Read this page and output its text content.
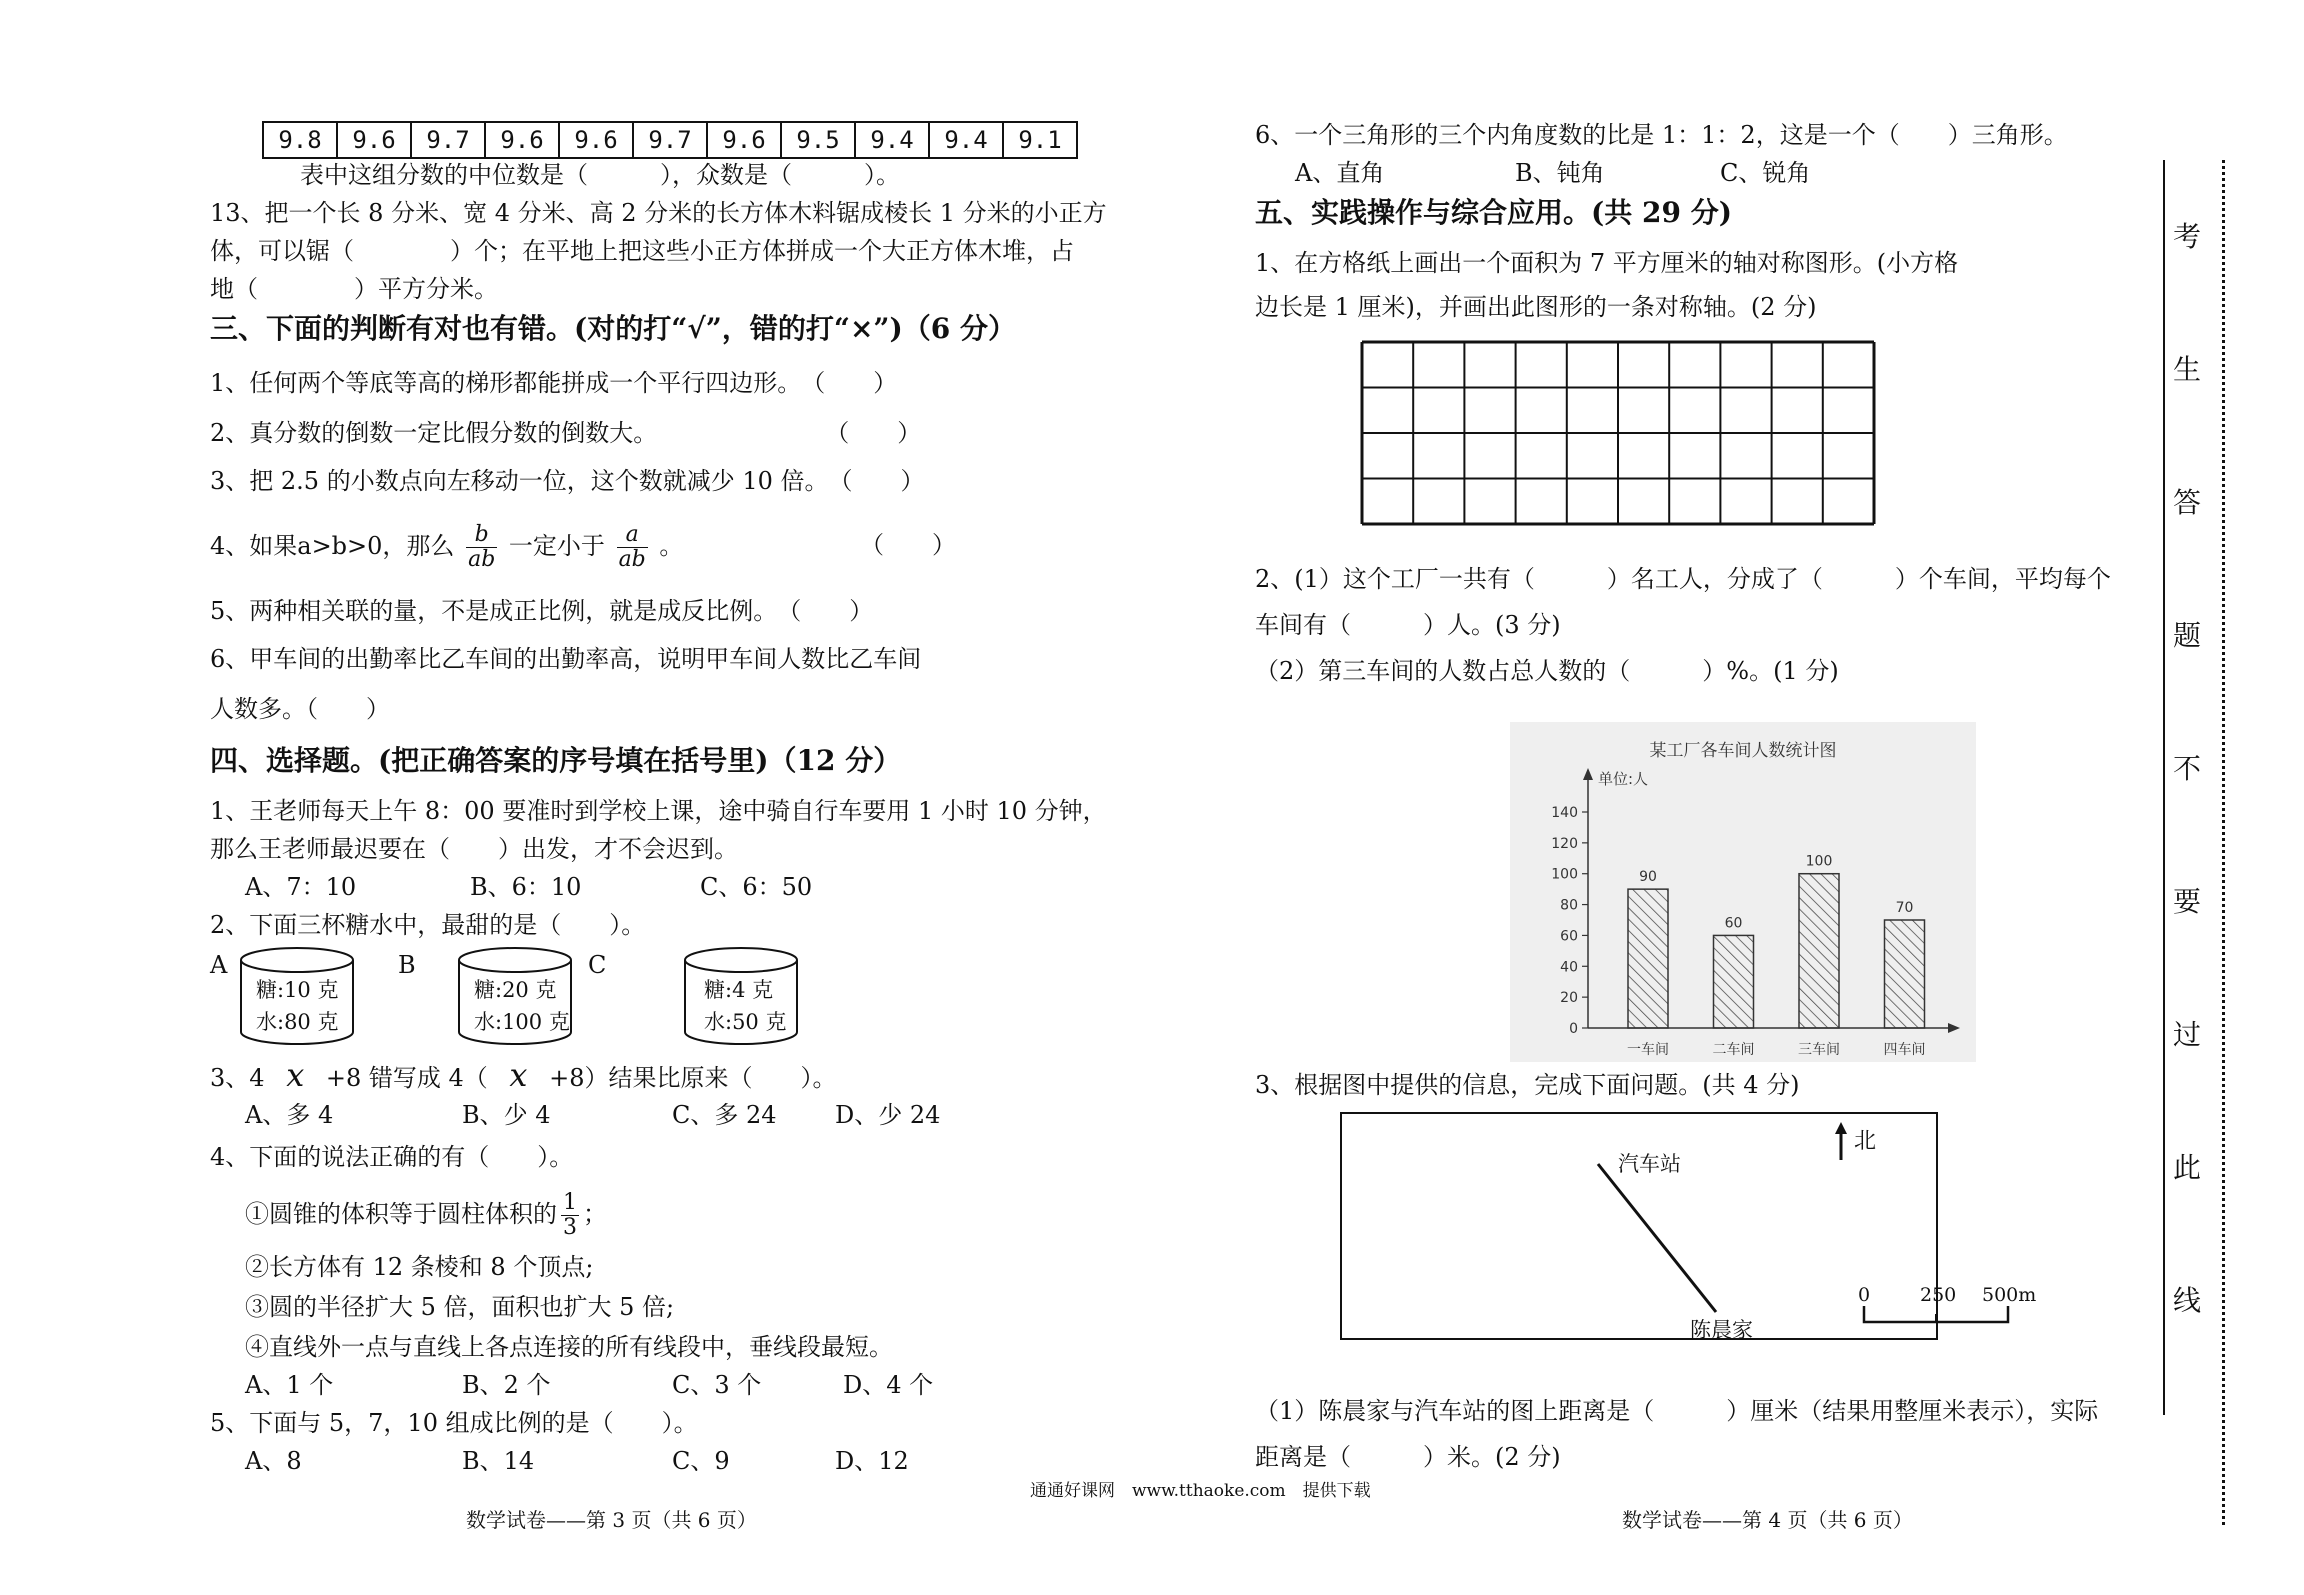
9.8	9.6	9.7	9.6	9.6	9.7	9.6	9.5	9.4	9.4	9.1
表中这组分数的中位数是（　　　），众数是（　　　）。
13、把一个长 8 分米、宽 4 分米、高 2 分米的长方体木料锯成棱长 1 分米的小正方
体，可以锯（　　　　）个；在平地上把这些小正方体拼成一个大正方体木堆，占
地（　　　　）平方分米。
三、下面的判断有对也有错。(对的打“√”，错的打“×”)（6 分）
1、任何两个等底等高的梯形都能拼成一个平行四边形。　（　　）
2、真分数的倒数一定比假分数的倒数大。　　　　　　　　（　　）
3、把 2.5 的小数点向左移动一位，这个数就减少 10 倍。　（　　）
4、如果a>b>0，那么 $\frac{b}{ab}$ 一定小于 $\frac{a}{ab}$ 。	（　　）
5、两种相关联的量，不是成正比例，就是成反比例。　（　　）
6、甲车间的出勤率比乙车间的出勤率高，说明甲车间人数比乙车间
人数多。（　　）
四、选择题。(把正确答案的序号填在括号里)（12 分）
1、王老师每天上午 8：00 要准时到学校上课，途中骑自行车要用 1 小时 10 分钟，
那么王老师最迟要在（　　）出发，才不会迟到。
A、7：10	B、6：10	C、6：50
2、下面三杯糖水中，最甜的是（　　）。
A
糖:10 克
水:80 克
B
糖:20 克
水:100 克
C
糖:4 克
水:50 克
3、4 x +8 错写成 4（ x +8）结果比原来（　　）。
A、多 4	B、少 4	C、多 24 D、少 24
4、下面的说法正确的有（　　）。
①圆锥的体积等于圆柱体积的 $\frac{1}{3}$ ；
②长方体有 12 条棱和 8 个顶点;
③圆的半径扩大 5 倍，面积也扩大 5 倍;
④直线外一点与直线上各点连接的所有线段中，垂线段最短。
A、1 个	B、2 个	C、3 个	D、4 个
5、下面与 5，7，10 组成比例的是（　　）。
A、8	B、14	C、9	D、12
数学试卷——第 3 页（共 6 页）
通通好课网　www.tthaoke.com　提供下载
6、一个三角形的三个内角度数的比是 1：1：2，这是一个（　　）三角形。
A、直角	B、钝角	C、锐角
五、实践操作与综合应用。(共 29 分)
1、在方格纸上画出一个面积为 7 平方厘米的轴对称图形。(小方格
边长是 1 厘米)，并画出此图形的一条对称轴。(2 分)
2、(1）这个工厂一共有（　　　）名工人，分成了（　　　）个车间，平均每个
车间有（　　　）人。(3 分)
（2）第三车间的人数占总人数的（　　　）%。(1 分)
某工厂各车间人数统计图
单位:人
0
20
40
60
80
100
120
140
90
一车间
60
二车间
100
三车间
70
四车间
3、根据图中提供的信息，完成下面问题。(共 4 分)
北
汽车站
陈晨家
0	250 500m
（1）陈晨家与汽车站的图上距离是（　　　）厘米（结果用整厘米表示），实际
距离是（　　　）米。(2 分)
数学试卷——第 4 页（共 6 页）
考
生
答
题
不
要
过
此
线
